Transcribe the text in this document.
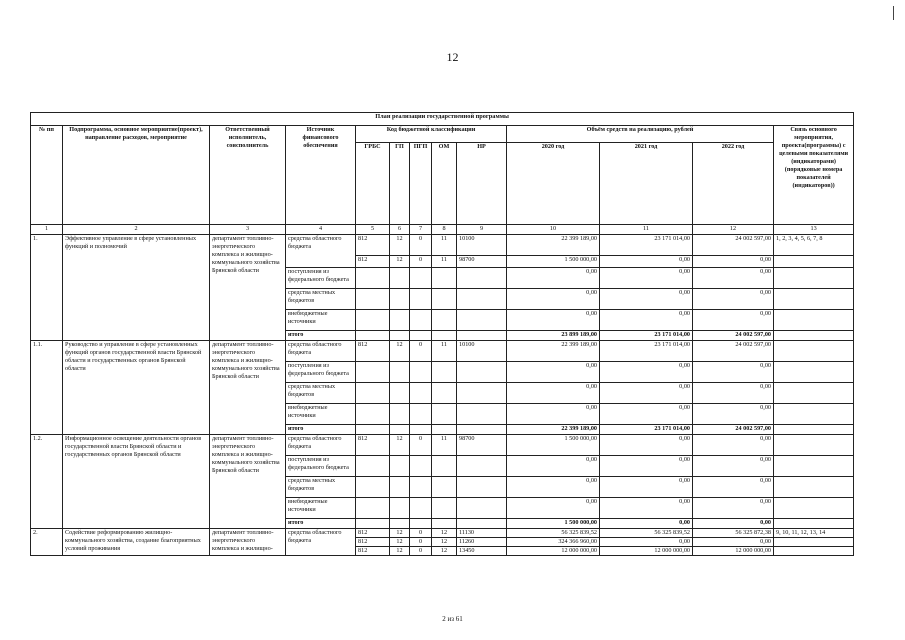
12
План реализации государственной программы												
№ пп	Подпрограмма, основное мероприятие(проект), направление расходов, мероприятие	Ответственный исполнитель, соисполнитель	Источник финансового обеспечения	Код бюджетной классификации					Объём средств на реализацию, рублей			Связь основного мероприятия, проекта(программы) с целевыми показателями (индикаторами) (порядковые номера показателей (индикаторов))
				ГРБС	ГП	ПГП	ОМ	НР	2020 год	2021 год	2022 год	
1	2	3	4	5	6	7	8	9	10	11	12	13
1.	Эффективное управление в сфере установленных функций и полномочий	департамент топливно-энергетического комплекса и жилищно-коммунального хозяйства Брянской области	средства областного бюджета	812	12	0	11	10100	22 399 189,00	23 171 014,00	24 002 597,00	1, 2, 3, 4, 5, 6, 7, 8
				812	12	0	11	98700	1 500 000,00	0,00	0,00	
			поступления из федерального бюджета						0,00	0,00	0,00	
			средства местных бюджетов						0,00	0,00	0,00	
			внебюджетные источники						0,00	0,00	0,00	
			итого						23 899 189,00	23 171 014,00	24 002 597,00	
1.1.	Руководство и управление в сфере установленных функций органов государственной власти Брянской области и государственных органов Брянской области	департамент топливно-энергетического комплекса и жилищно-коммунального хозяйства Брянской области	средства областного бюджета	812	12	0	11	10100	22 399 189,00	23 171 014,00	24 002 597,00	
			поступления из федерального бюджета						0,00	0,00	0,00	
			средства местных бюджетов						0,00	0,00	0,00	
			внебюджетные источники						0,00	0,00	0,00	
			итого						22 399 189,00	23 171 014,00	24 002 597,00	
1.2.	Информационное освещение деятельности органов государственной власти Брянской области и государственных органов Брянской области	департамент топливно-энергетического комплекса и жилищно-коммунального хозяйства Брянской области	средства областного бюджета	812	12	0	11	98700	1 500 000,00	0,00	0,00	
			поступления из федерального бюджета						0,00	0,00	0,00	
			средства местных бюджетов						0,00	0,00	0,00	
			внебюджетные источники						0,00	0,00	0,00	
			итого						1 500 000,00	0,00	0,00	
2.	Содействие реформированию жилищно-коммунального хозяйства, создание благоприятных условий проживания	департамент топливно-энергетического комплекса и жилищно-	средства областного бюджета	812	12	0	12	11130	56 325 839,52	56 325 839,52	56 325 872,38	9, 10, 11, 12, 13, 14
				812	12	0	12	11260	324 366 960,00	0,00	0,00	
				812	12	0	12	13450	12 000 000,00	12 000 000,00	12 000 000,00	
2 из 61
